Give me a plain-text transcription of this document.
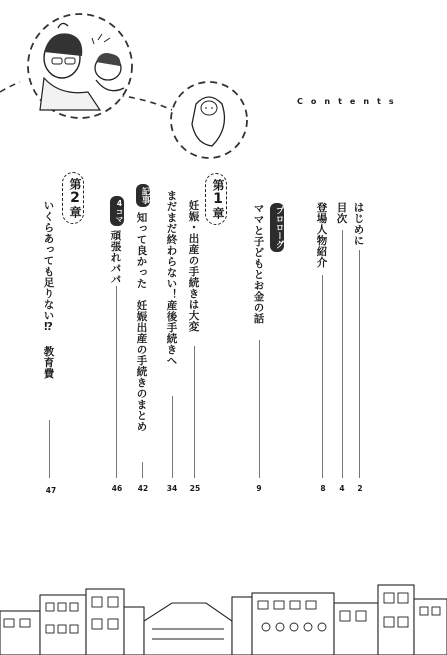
Contents
はじめに
2
目次
4
登場人物紹介
8
プロローグ
ママと子どもとお金の話
9
第1章
妊娠・出産の手続きは大変
25
まだまだ終わらない！産後手続きへ
34
記事
知って良かった　妊娠出産の手続きのまとめ
42
4コマ
頑張れパパ
46
第2章
いくらあっても足りない⁉ 教育費
47
